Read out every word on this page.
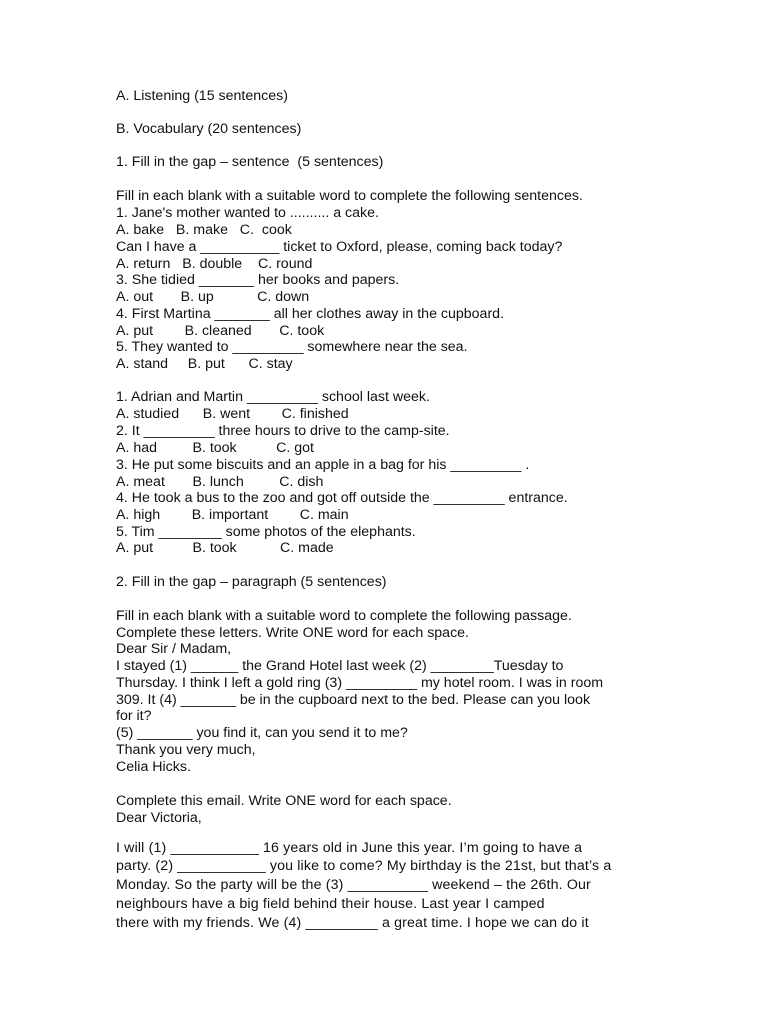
A. Listening (15 sentences)

B. Vocabulary (20 sentences)

1. Fill in the gap – sentence  (5 sentences)

Fill in each blank with a suitable word to complete the following sentences.

1. Jane's mother wanted to .......... a cake.

A. bake   B. make   C.  cook

Can I have a __________ ticket to Oxford, please, coming back today?

A. return   B. double    C. round

3. She tidied _______ her books and papers.

A. out       B. up           C. down

4. First Martina _______ all her clothes away in the cupboard.

A. put        B. cleaned       C. took

5. They wanted to _________ somewhere near the sea.

A. stand     B. put      C. stay

1. Adrian and Martin _________ school last week.

A. studied      B. went        C. finished

2. It _________ three hours to drive to the camp-site.

A. had         B. took          C. got

3. He put some biscuits and an apple in a bag for his _________ .

A. meat       B. lunch         C. dish

4. He took a bus to the zoo and got off outside the _________ entrance.

A. high        B. important        C. main

5. Tim ________ some photos of the elephants.

A. put          B. took           C. made

2. Fill in the gap – paragraph (5 sentences)

Fill in each blank with a suitable word to complete the following passage.

Complete these letters. Write ONE word for each space.

Dear Sir / Madam,

I stayed (1) ______ the Grand Hotel last week (2) ________Tuesday to

Thursday. I think I left a gold ring (3) _________ my hotel room. I was in room

309. It (4) _______ be in the cupboard next to the bed. Please can you look

for it?

(5) _______ you find it, can you send it to me?

Thank you very much,

Celia Hicks.

Complete this email. Write ONE word for each space.

Dear Victoria,

I will (1) ___________ 16 years old in June this year. I’m going to have a

party. (2) ___________ you like to come? My birthday is the 21st, but that’s a

Monday. So the party will be the (3) __________ weekend – the 26th. Our

neighbours have a big field behind their house. Last year I camped

there with my friends. We (4) _________ a great time. I hope we can do it
